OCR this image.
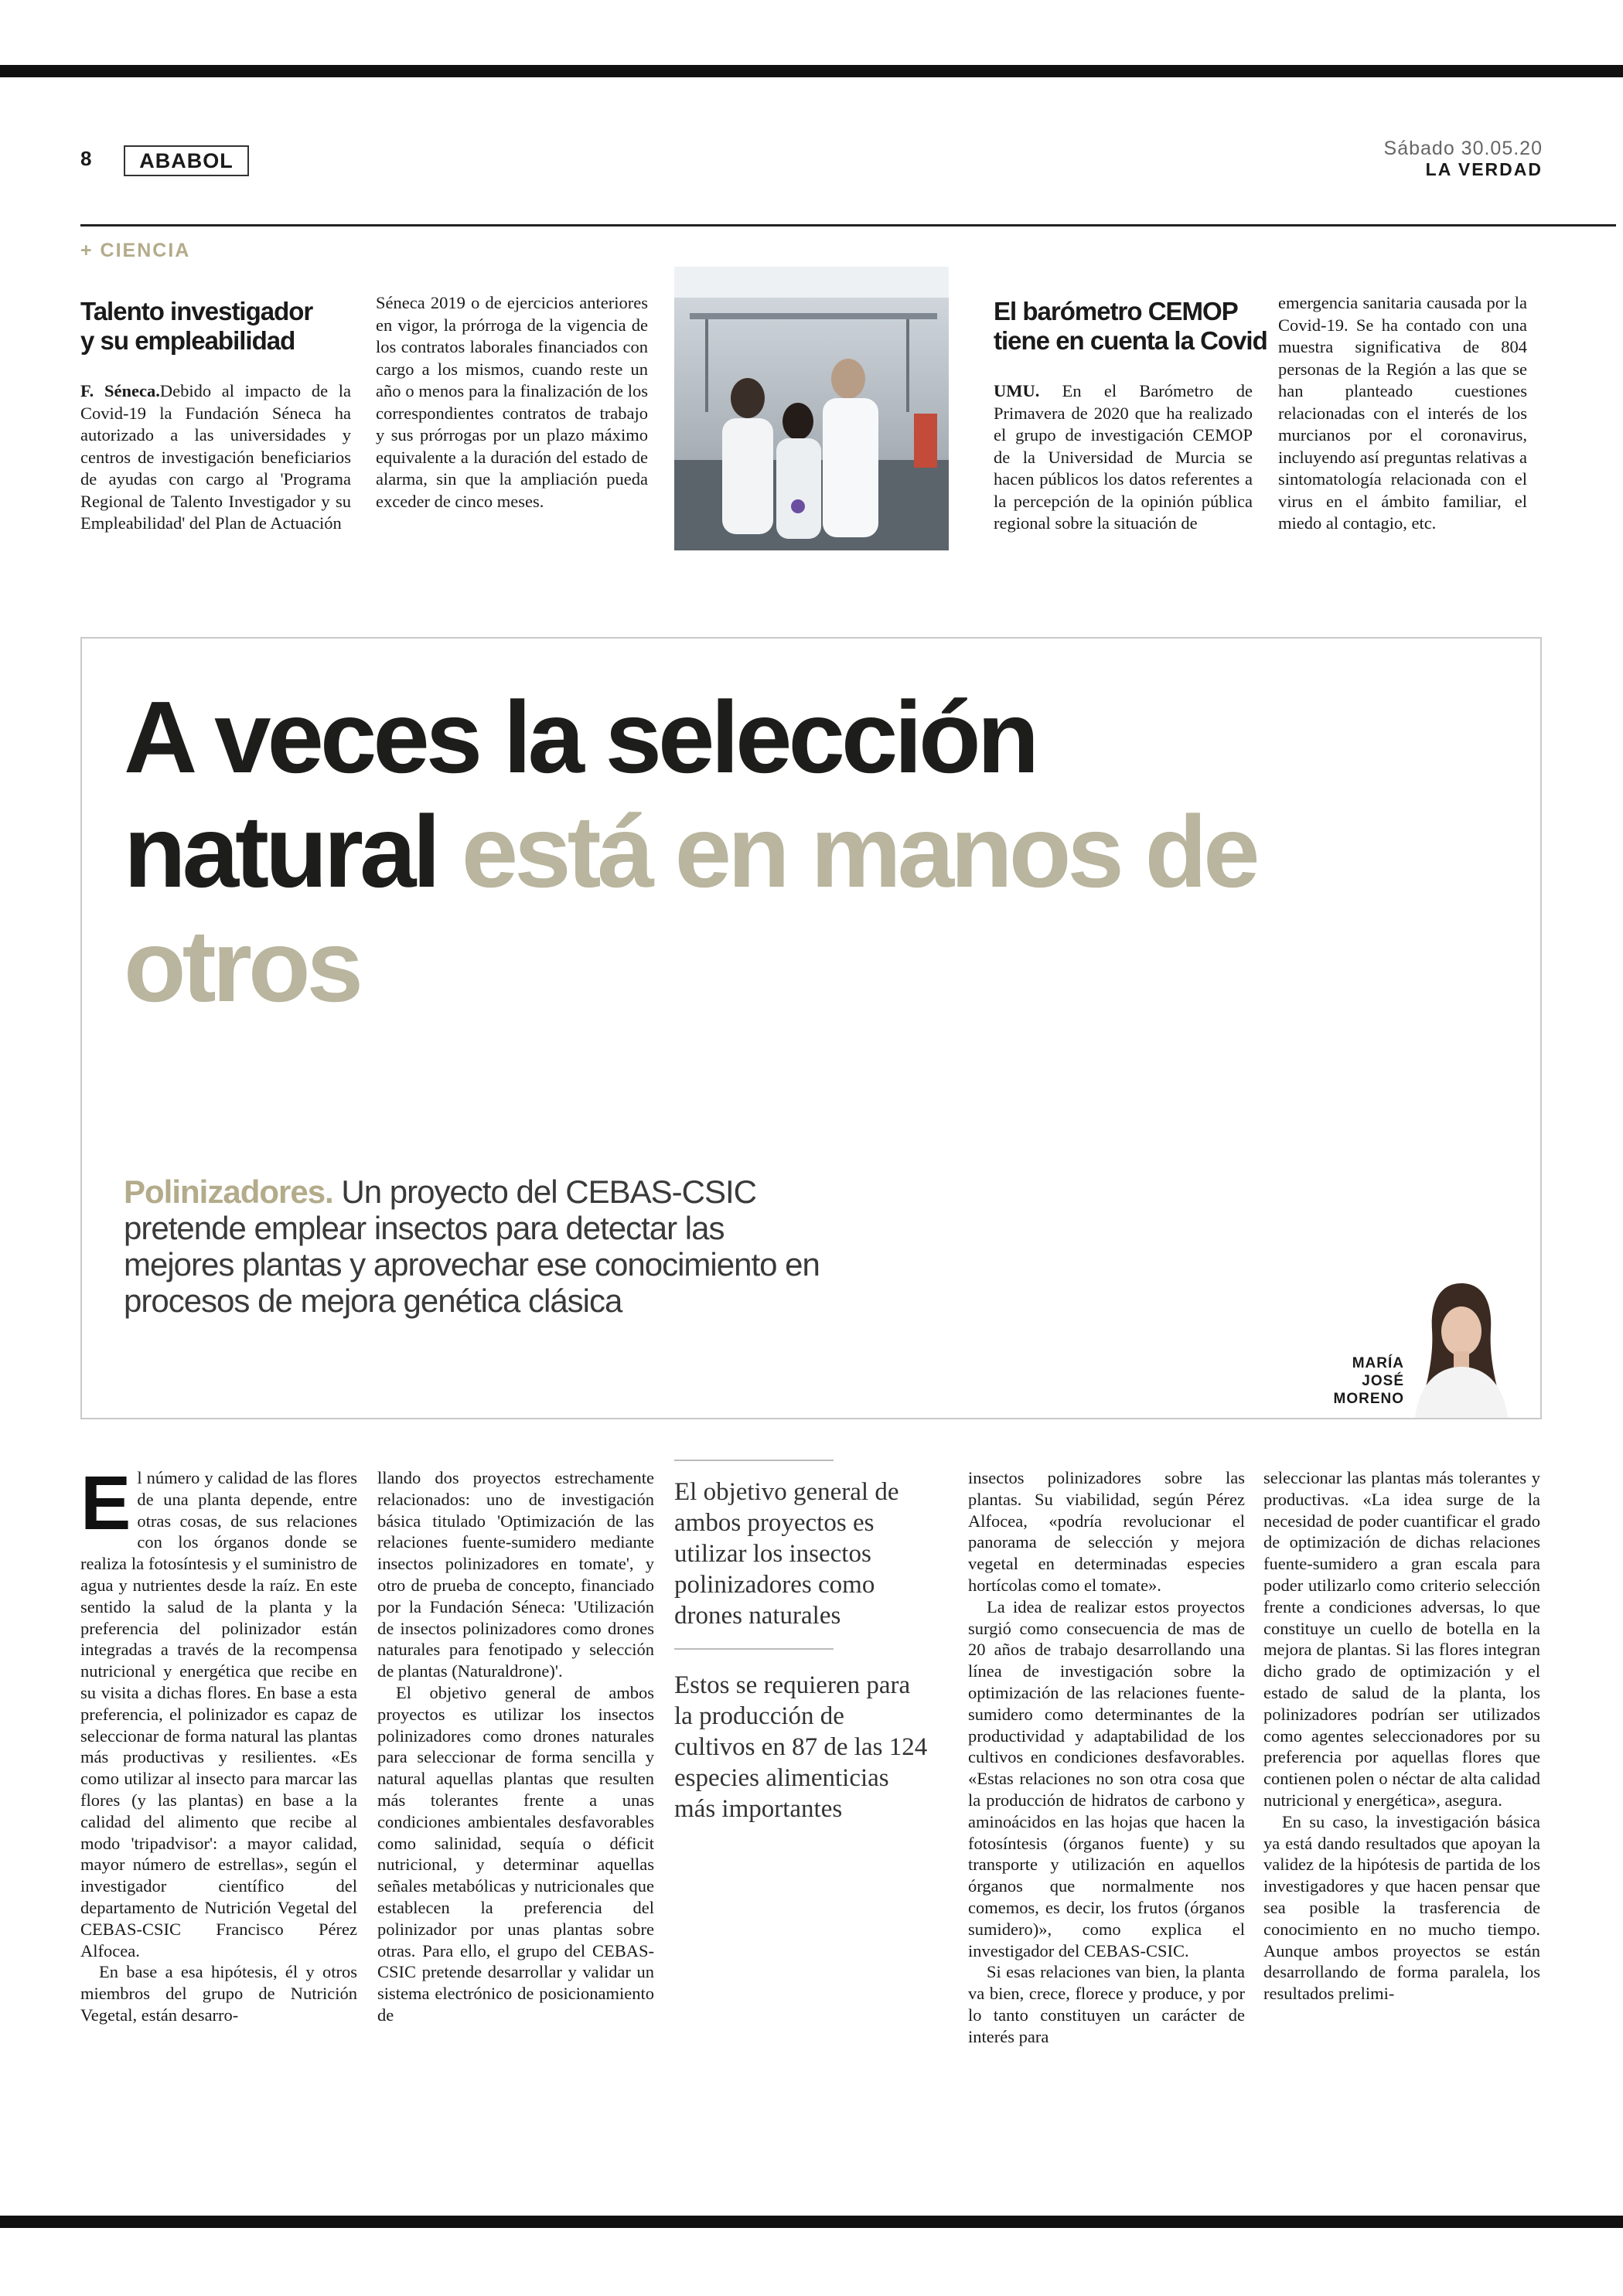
8	ABABOL
Sábado 30.05.20
LA VERDAD
+ CIENCIA
Talento investigador y su empleabilidad
F. Séneca.Debido al impacto de la Covid-19 la Fundación Séneca ha autorizado a las universidades y centros de investigación beneficiarios de ayudas con cargo al 'Programa Regional de Talento Investigador y su Empleabilidad' del Plan de Actuación
Séneca 2019 o de ejercicios anteriores en vigor, la prórroga de la vigencia de los contratos laborales financiados con cargo a los mismos, cuando reste un año o menos para la finalización de los correspondientes contratos de trabajo y sus prórrogas por un plazo máximo equivalente a la duración del estado de alarma, sin que la ampliación pueda exceder de cinco meses.
El barómetro CEMOP tiene en cuenta la Covid
UMU. En el Barómetro de Primavera de 2020 que ha realizado el grupo de investigación CEMOP de la Universidad de Murcia se hacen públicos los datos referentes a la percepción de la opinión pública regional sobre la situación de
emergencia sanitaria causada por la Covid-19. Se ha contado con una muestra significativa de 804 personas de la Región a las que se han planteado cuestiones relacionadas con el interés de los murcianos por el coronavirus, incluyendo así preguntas relativas a sintomatología relacionada con el virus en el ámbito familiar, el miedo al contagio, etc.
A veces la selección natural está en manos de otros
Polinizadores. Un proyecto del CEBAS-CSIC pretende emplear insectos para detectar las mejores plantas y aprovechar ese conocimiento en procesos de mejora genética clásica
MARÍA
JOSÉ
MORENO

El número y calidad de las flores de una planta depende, entre otras cosas, de sus relaciones con los órganos donde se realiza la fotosíntesis y el suministro de agua y nutrientes desde la raíz. En este sentido la salud de la planta y la preferencia del polinizador están integradas a través de la recompensa nutricional y energética que recibe en su visita a dichas flores. En base a esta preferencia, el polinizador es capaz de seleccionar de forma natural las plantas más productivas y resilientes. «Es como utilizar al insecto para marcar las flores (y las plantas) en base a la calidad del alimento que recibe al modo 'tripadvisor': a mayor calidad, mayor número de estrellas», según el investigador científico del departamento de Nutrición Vegetal del CEBAS-CSIC Francisco Pérez Alfocea.

En base a esa hipótesis, él y otros miembros del grupo de Nutrición Vegetal, están desarro-

llando dos proyectos estrechamente relacionados: uno de investigación básica titulado 'Optimización de las relaciones fuente-sumidero mediante insectos polinizadores en tomate', y otro de prueba de concepto, financiado por la Fundación Séneca: 'Utilización de insectos polinizadores como drones naturales para fenotipado y selección de plantas (Naturaldrone)'.

El objetivo general de ambos proyectos es utilizar los insectos polinizadores como drones naturales para seleccionar de forma sencilla y natural aquellas plantas que resulten más tolerantes frente a unas condiciones ambientales desfavorables como salinidad, sequía o déficit nutricional, y determinar aquellas señales metabólicas y nutricionales que establecen la preferencia del polinizador por unas plantas sobre otras. Para ello, el grupo del CEBAS-CSIC pretende desarrollar y validar un sistema electrónico de posicionamiento de

El objetivo general de ambos proyectos es utilizar los insectos polinizadores como drones naturales
Estos se requieren para la producción de cultivos en 87 de las 124 especies alimenticias más importantes

insectos polinizadores sobre las plantas. Su viabilidad, según Pérez Alfocea, «podría revolucionar el panorama de selección y mejora vegetal en determinadas especies hortícolas como el tomate».

La idea de realizar estos proyectos surgió como consecuencia de mas de 20 años de trabajo desarrollando una línea de investigación sobre la optimización de las relaciones fuente-sumidero como determinantes de la productividad y adaptabilidad de los cultivos en condiciones desfavorables. «Estas relaciones no son otra cosa que la producción de hidratos de carbono y aminoácidos en las hojas que hacen la fotosíntesis (órganos fuente) y su transporte y utilización en aquellos órganos que normalmente nos comemos, es decir, los frutos (órganos sumidero)», como explica el investigador del CEBAS-CSIC.

Si esas relaciones van bien, la planta va bien, crece, florece y produce, y por lo tanto constituyen un carácter de interés para

seleccionar las plantas más tolerantes y productivas. «La idea surge de la necesidad de poder cuantificar el grado de optimización de dichas relaciones fuente-sumidero a gran escala para poder utilizarlo como criterio selección frente a condiciones adversas, lo que constituye un cuello de botella en la mejora de plantas. Si las flores integran dicho grado de optimización y el estado de salud de la planta, los polinizadores podrían ser utilizados como agentes seleccionadores por su preferencia por aquellas flores que contienen polen o néctar de alta calidad nutricional y energética», asegura.

En su caso, la investigación básica ya está dando resultados que apoyan la validez de la hipótesis de partida de los investigadores y que hacen pensar que sea posible la trasferencia de conocimiento en no mucho tiempo. Aunque ambos proyectos se están desarrollando de forma paralela, los resultados prelimi-
